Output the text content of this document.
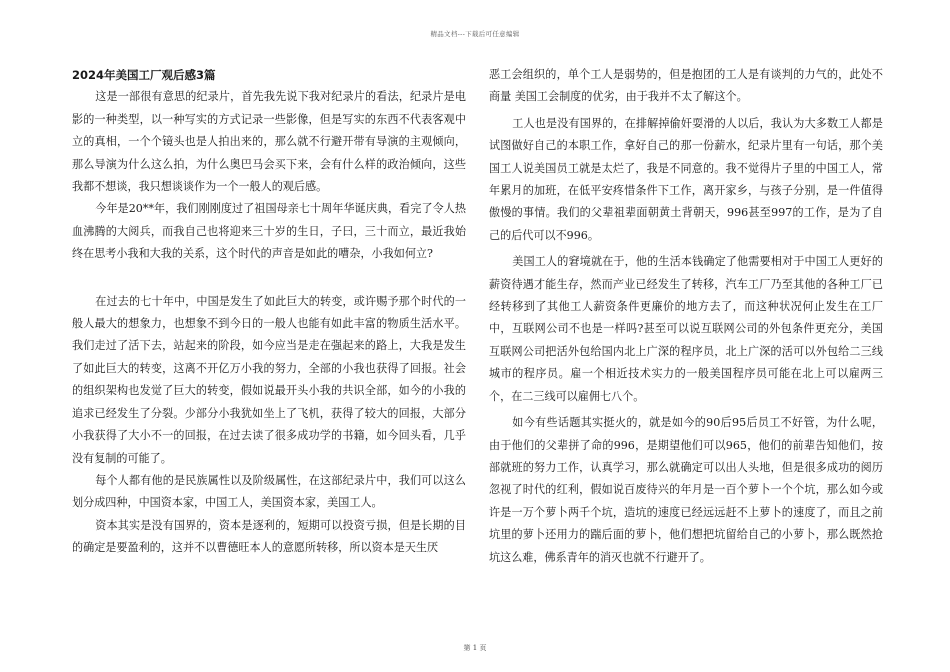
精品文档---下载后可任意编辑
2024年美国工厂观后感3篇

这是一部很有意思的纪录片，首先我先说下我对纪录片的看法，纪录片是电影的一种类型，以一种写实的方式记录一些影像，但是写实的东西不代表客观中立的真相，一个个镜头也是人拍出来的，那么就不行避开带有导演的主观倾向，那么导演为什么这么拍，为什么奥巴马会买下来，会有什么样的政治倾向，这些我都不想谈，我只想谈谈作为一个一般人的观后感。

今年是20**年，我们刚刚度过了祖国母亲七十周年华诞庆典，看完了令人热血沸腾的大阅兵，而我自己也将迎来三十岁的生日，子曰，三十而立，最近我始终在思考小我和大我的关系，这个时代的声音是如此的嘈杂，小我如何立?

在过去的七十年中，中国是发生了如此巨大的转变，或许赐予那个时代的一般人最大的想象力，也想象不到今日的一般人也能有如此丰富的物质生活水平。我们走过了活下去，站起来的阶段，如今应当是走在强起来的路上，大我是发生了如此巨大的转变，这离不开亿万小我的努力，全部的小我也获得了回报。社会的组织架构也发觉了巨大的转变，假如说最开头小我的共识全部，如今的小我的追求已经发生了分裂。少部分小我犹如坐上了飞机，获得了较大的回报，大部分小我获得了大小不一的回报，在过去读了很多成功学的书籍，如今回头看，几乎没有复制的可能了。

每个人都有他的是民族属性以及阶级属性，在这部纪录片中，我们可以这么划分成四种，中国资本家，中国工人，美国资本家，美国工人。

资本其实是没有国界的，资本是逐利的，短期可以投资亏损，但是长期的目的确定是要盈利的，这并不以曹德旺本人的意愿所转移，所以资本是天生厌

恶工会组织的，单个工人是弱势的，但是抱团的工人是有谈判的力气的，此处不商量 美国工会制度的优劣，由于我并不太了解这个。

工人也是没有国界的，在排解掉偷奸耍滑的人以后，我认为大多数工人都是试图做好自己的本职工作，拿好自己的那一份薪水，纪录片里有一句话，那个美国工人说美国员工就是太烂了，我是不同意的。我不觉得片子里的中国工人，常年累月的加班，在低平安疼惜条件下工作，离开家乡，与孩子分别，是一件值得傲慢的事情。我们的父辈祖辈面朝黄土背朝天，996甚至997的工作，是为了自己的后代可以不996。

美国工人的窘境就在于，他的生活本钱确定了他需要相对于中国工人更好的薪资待遇才能生存，然而产业已经发生了转移，汽车工厂乃至其他的各种工厂已经转移到了其他工人薪资条件更廉价的地方去了，而这种状况何止发生在工厂中，互联网公司不也是一样吗?甚至可以说互联网公司的外包条件更充分，美国互联网公司把活外包给国内北上广深的程序员，北上广深的活可以外包给二三线城市的程序员。雇一个相近技术实力的一般美国程序员可能在北上可以雇两三个，在二三线可以雇佣七八个。

如今有些话题其实挺火的，就是如今的90后95后员工不好管，为什么呢，由于他们的父辈拼了命的996，是期望他们可以965，他们的前辈告知他们，按部就班的努力工作，认真学习，那么就确定可以出人头地，但是很多成功的阅历忽视了时代的红利，假如说百废待兴的年月是一百个萝卜一个个坑，那么如今或许是一万个萝卜两千个坑，造坑的速度已经远远赶不上萝卜的速度了，而且之前坑里的萝卜还用力的踹后面的萝卜，他们想把坑留给自己的小萝卜，那么既然抢坑这么难，佛系青年的消灭也就不行避开了。

第 1 页
